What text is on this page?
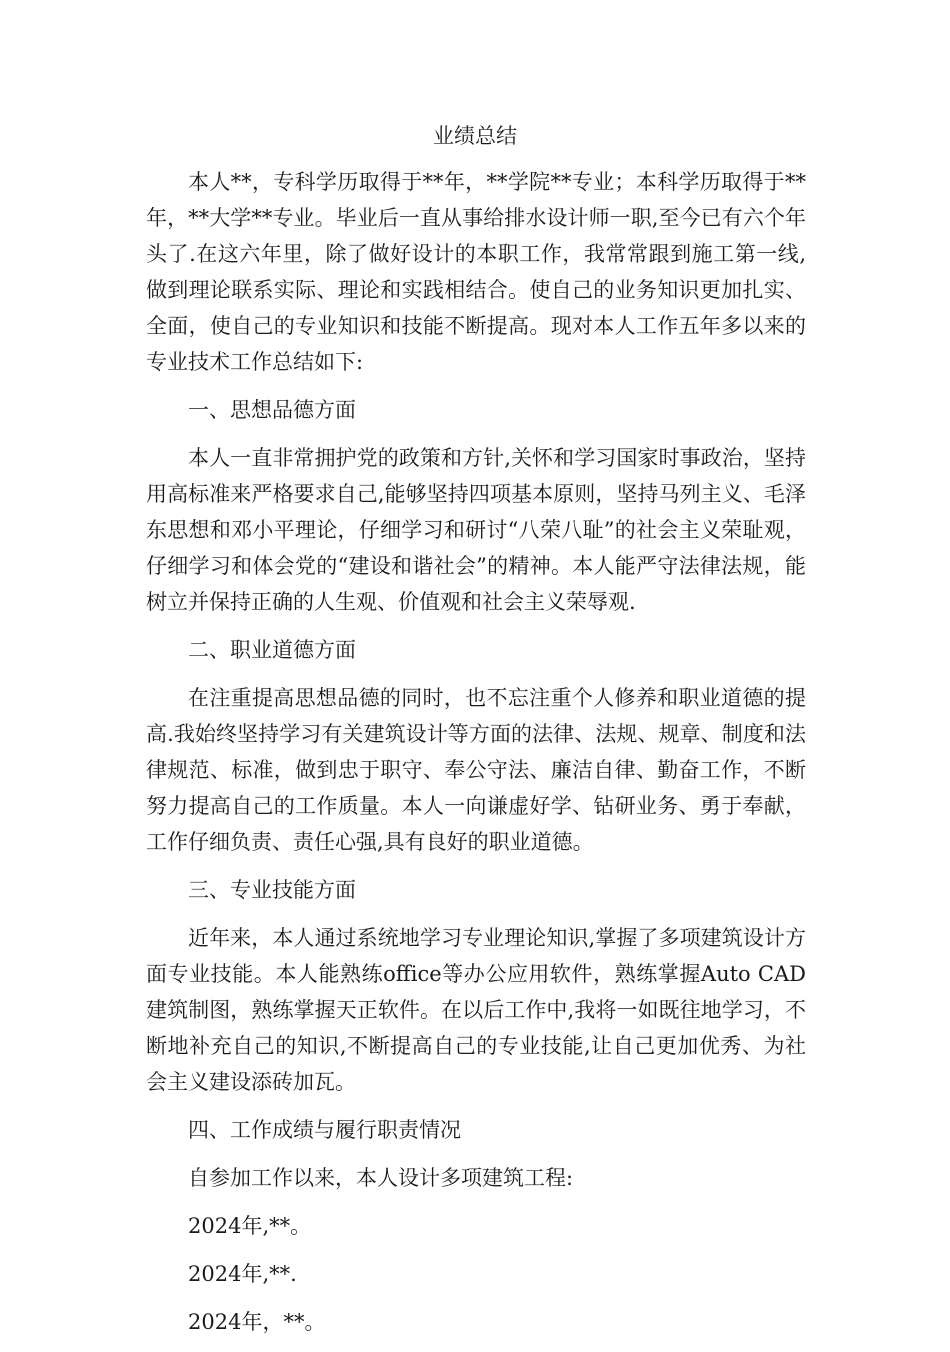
业绩总结

本人**，专科学历取得于**年，**学院**专业；本科学历取得于**年，**大学**专业。毕业后一直从事给排水设计师一职,至今已有六个年头了.在这六年里，除了做好设计的本职工作，我常常跟到施工第一线,做到理论联系实际、理论和实践相结合。使自己的业务知识更加扎实、全面，使自己的专业知识和技能不断提高。现对本人工作五年多以来的专业技术工作总结如下:

一、思想品德方面

本人一直非常拥护党的政策和方针,关怀和学习国家时事政治，坚持用高标准来严格要求自己,能够坚持四项基本原则，坚持马列主义、毛泽东思想和邓小平理论，仔细学习和研讨“八荣八耻”的社会主义荣耻观，仔细学习和体会党的“建设和谐社会”的精神。本人能严守法律法规，能树立并保持正确的人生观、价值观和社会主义荣辱观.

二、职业道德方面

在注重提高思想品德的同时，也不忘注重个人修养和职业道德的提高.我始终坚持学习有关建筑设计等方面的法律、法规、规章、制度和法律规范、标准，做到忠于职守、奉公守法、廉洁自律、勤奋工作，不断努力提高自己的工作质量。本人一向谦虚好学、钻研业务、勇于奉献，工作仔细负责、责任心强,具有良好的职业道德。

三、专业技能方面

近年来，本人通过系统地学习专业理论知识,掌握了多项建筑设计方面专业技能。本人能熟练office等办公应用软件，熟练掌握Auto CAD建筑制图，熟练掌握天正软件。在以后工作中,我将一如既往地学习，不断地补充自己的知识,不断提高自己的专业技能,让自己更加优秀、为社会主义建设添砖加瓦。

四、工作成绩与履行职责情况

自参加工作以来，本人设计多项建筑工程:

2024年,**。

2024年,**.

2024年，**。
